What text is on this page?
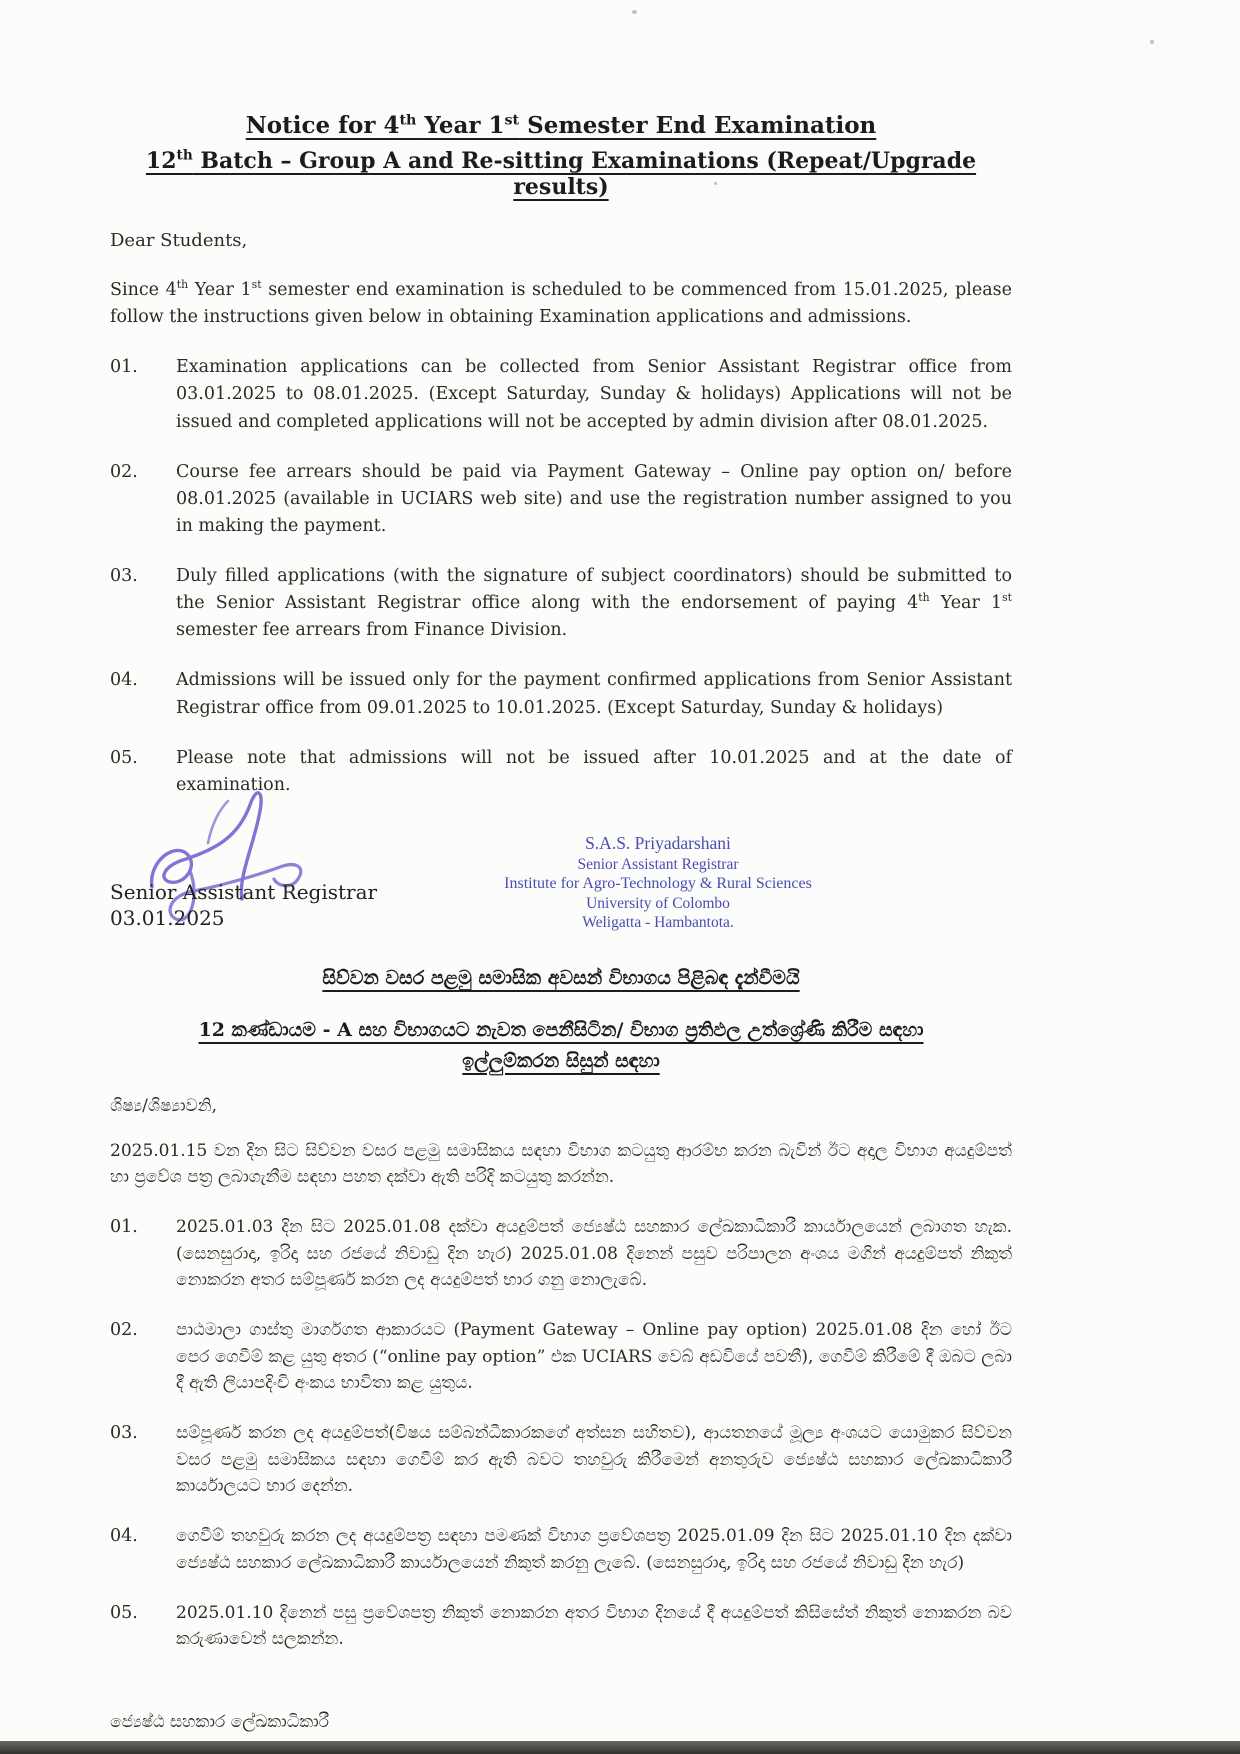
Notice for 4th Year 1st Semester End Examination
12th Batch – Group A and Re-sitting Examinations (Repeat/Upgrade results)

Dear Students,

Since 4th Year 1st semester end examination is scheduled to be commenced from 15.01.2025, please follow the instructions given below in obtaining Examination applications and admissions.

01.	Examination applications can be collected from Senior Assistant Registrar office from 03.01.2025 to 08.01.2025. (Except Saturday, Sunday & holidays) Applications will not be issued and completed applications will not be accepted by admin division after 08.01.2025.
02.	Course fee arrears should be paid via Payment Gateway – Online pay option on/ before 08.01.2025 (available in UCIARS web site) and use the registration number assigned to you in making the payment.
03.	Duly filled applications (with the signature of subject coordinators) should be submitted to the Senior Assistant Registrar office along with the endorsement of paying 4th Year 1st semester fee arrears from Finance Division.
04.	Admissions will be issued only for the payment confirmed applications from Senior Assistant Registrar office from 09.01.2025 to 10.01.2025. (Except Saturday, Sunday & holidays)
05.	Please note that admissions will not be issued after 10.01.2025 and at the date of examination.
S.A.S. Priyadarshani
Senior Assistant Registrar
Institute for Agro-Technology & Rural Sciences
University of Colombo
Weligatta - Hambantota.
Senior Assistant Registrar
03.01.2025
සිව්වන වසර පළමු සමාසික අවසන් විභාගය පිළිබඳ දැන්වීමයි
12 කණ්ඩායම - A සහ විභාගයට නැවත පෙනීසිටින/ විභාග ප්‍රතිඵල උත්ශ්‍රේණි කිරීම සඳහා
ඉල්ලුම්කරන සිසුන් සඳහා

ශිෂ්‍ය/ශිෂ්‍යාවනි,

2025.01.15 වන දින සිට සිව්වන වසර පළමු සමාසිකය සඳහා විභාග කටයුතු ආරම්භ කරන බැවින් ඊට අදාල විභාග අයදුම්පත් හා ප්‍රවේශ පත්‍ර ලබාගැනීම සඳහා පහත දක්වා ඇති පරිදි කටයුතු කරන්න.

01.	2025.01.03 දින සිට 2025.01.08 දක්වා අයදුම්පත් ජ්‍යෙෂ්ඨ සහකාර ලේඛකාධිකාරී කාර්යාලයෙන් ලබාගත හැක. (සෙනසුරාදා, ඉරිදා සහ රජයේ නිවාඩු දින හැර) 2025.01.08 දිනෙන් පසුව පරිපාලන අංශය මගින් අයදුම්පත් නිකුත් නොකරන අතර සම්පූර්ණ කරන ලද අයදුම්පත් භාර ගනු නොලැබේ.
02.	පාඨමාලා ගාස්තු මාර්ගගත ආකාරයට (Payment Gateway – Online pay option) 2025.01.08 දින හෝ ඊට පෙර ගෙවීම් කළ යුතු අතර (“online pay option” එක UCIARS වෙබ් අඩවියේ පවතී), ගෙවීම් කිරීමේ දී ඔබට ලබා දී ඇති ලියාපදිංචි අංකය භාවිතා කළ යුතුය.
03.	සම්පූර්ණ කරන ලද අයදුම්පත්(විෂය සම්බන්ධීකාරකගේ අත්සන සහිතව), ආයතනයේ මූල්‍ය අංශයට යොමුකර සිව්වන වසර පළමු සමාසිකය සඳහා ගෙවීම් කර ඇති බවට තහවුරු කිරීමෙන් අනතුරුව ජ්‍යෙෂ්ඨ සහකාර ලේඛකාධිකාරී කාර්යාලයට භාර දෙන්න.
04.	ගෙවීම් තහවුරු කරන ලද අයදුම්පත්‍ර සඳහා පමණක් විභාග ප්‍රවේශපත්‍ර 2025.01.09 දින සිට 2025.01.10 දින දක්වා ජ්‍යෙෂ්ඨ සහකාර ලේඛකාධිකාරී කාර්යාලයෙන් නිකුත් කරනු ලැබේ. (සෙනසුරාදා, ඉරිදා සහ රජයේ නිවාඩු දින හැර)
05.	2025.01.10 දිනෙන් පසු ප්‍රවේශපත්‍ර නිකුත් නොකරන අතර විභාග දිනයේ දී අයදුම්පත් කිසිසේත් නිකුත් නොකරන බව කරුණාවෙන් සලකන්න.
ජ්‍යෙෂ්ඨ සහකාර ලේඛකාධිකාරී
